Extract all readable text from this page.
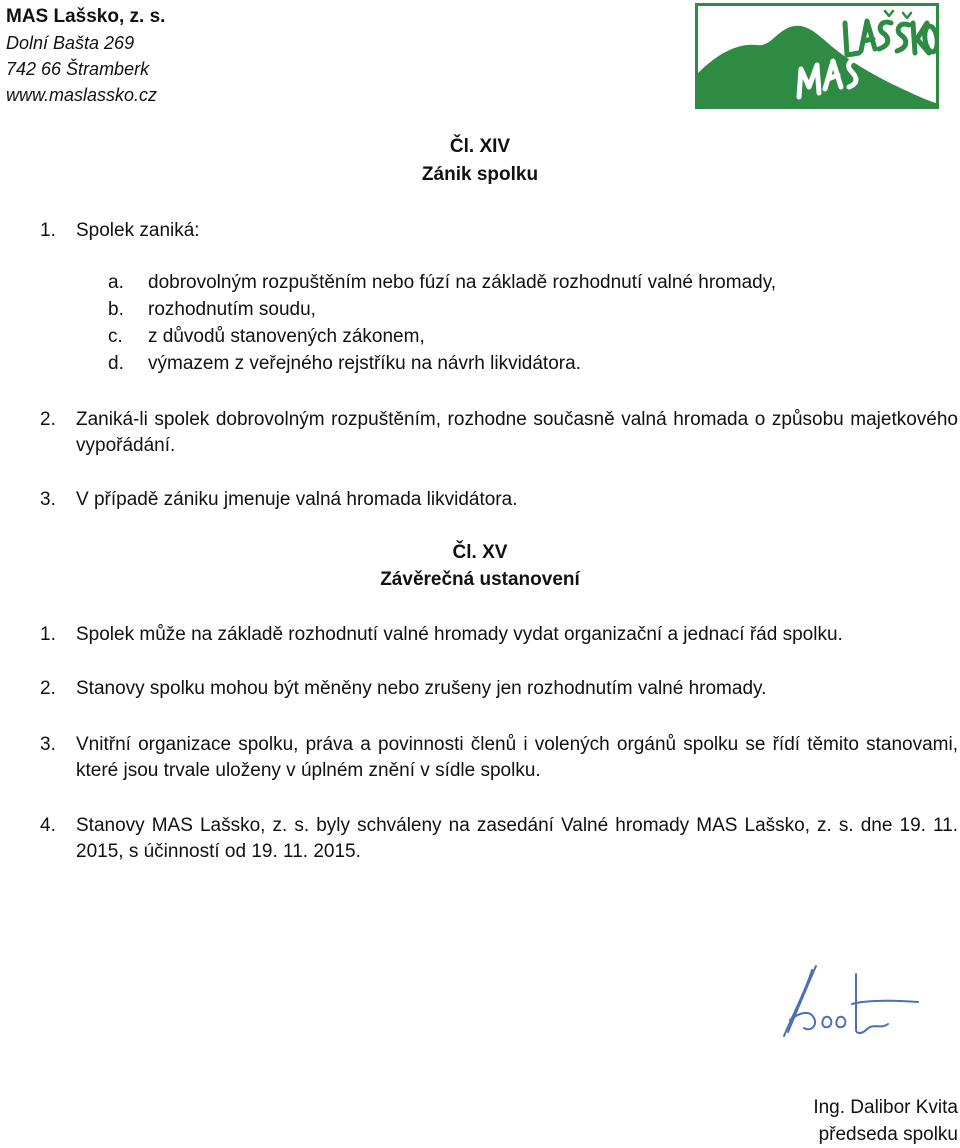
MAS Lašsko, z. s.
Dolní Bašta 269
742 66 Štramberk
www.maslassko.cz
Čl. XIV
Zánik spolku
1. Spolek zaniká:
a. dobrovolným rozpuštěním nebo fúzí na základě rozhodnutí valné hromady,
b. rozhodnutím soudu,
c. z důvodů stanovených zákonem,
d. výmazem z veřejného rejstříku na návrh likvidátora.
2. Zaniká-li spolek dobrovolným rozpuštěním, rozhodne současně valná hromada o způsobu majetkového vypořádání.
3. V případě zániku jmenuje valná hromada likvidátora.
Čl. XV
Závěrečná ustanovení
1. Spolek může na základě rozhodnutí valné hromady vydat organizační a jednací řád spolku.
2. Stanovy spolku mohou být měněny nebo zrušeny jen rozhodnutím valné hromady.
3. Vnitřní organizace spolku, práva a povinnosti členů i volených orgánů spolku se řídí těmito stanovami, které jsou trvale uloženy v úplném znění v sídle spolku.
4. Stanovy MAS Lašsko, z. s. byly schváleny na zasedání Valné hromady MAS Lašsko, z. s. dne 19. 11. 2015, s účinností od 19. 11. 2015.
Ing. Dalibor Kvita
předseda spolku
